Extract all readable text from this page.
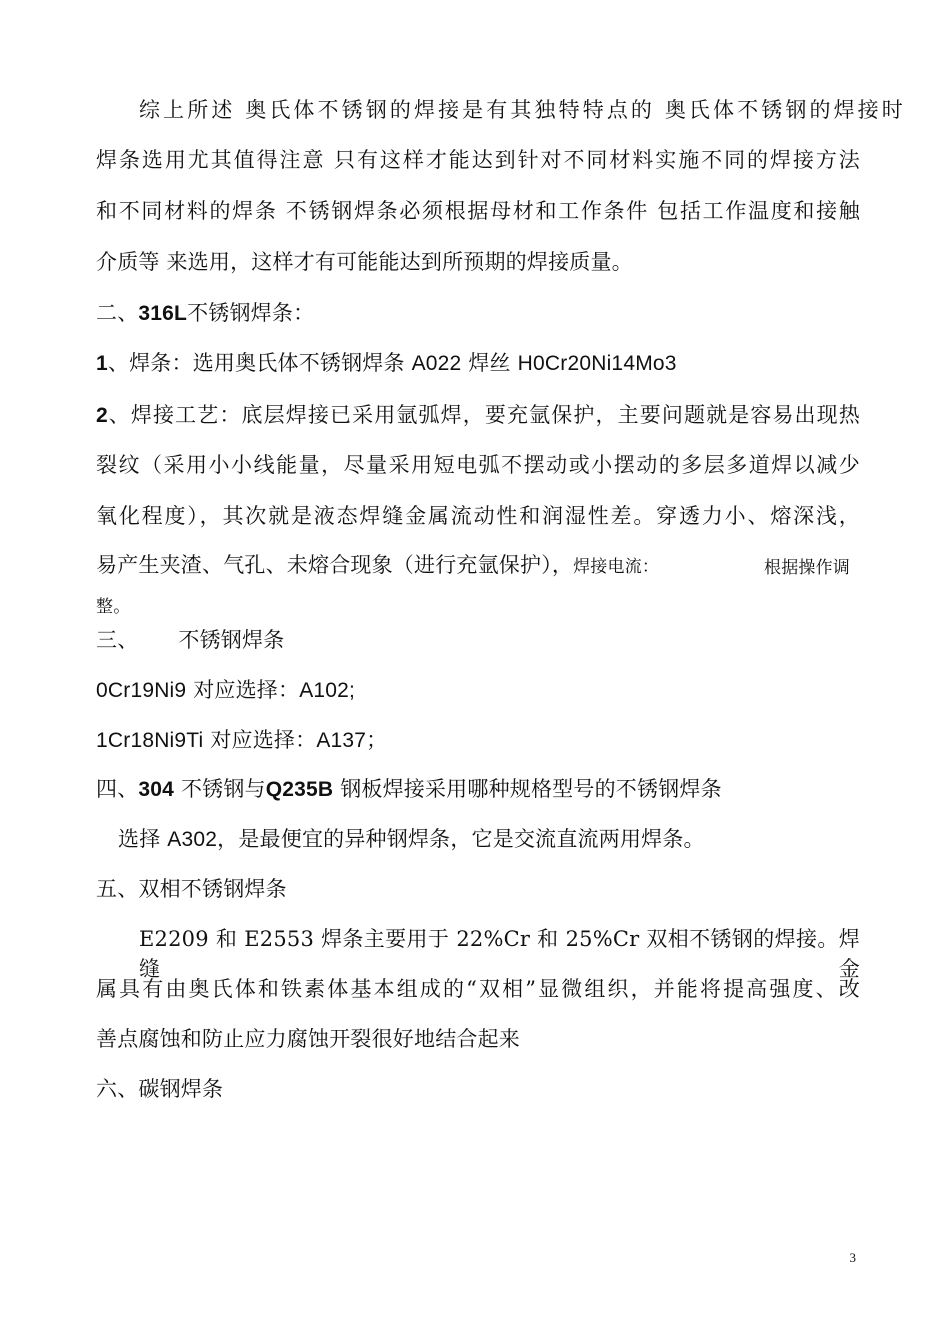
综上所述 奥氏体不锈钢的焊接是有其独特特点的 奥氏体不锈钢的焊接时
焊条选用尤其值得注意 只有这样才能达到针对不同材料实施不同的焊接方法
和不同材料的焊条 不锈钢焊条必须根据母材和工作条件 包括工作温度和接触
介质等 来选用，这样才有可能能达到所预期的焊接质量。
二、316L不锈钢焊条：
1、焊条：选用奥氏体不锈钢焊条 A022 焊丝 H0Cr20Ni14Mo3
2、焊接工艺：底层焊接已采用氩弧焊，要充氩保护，主要问题就是容易出现热
裂纹（采用小小线能量，尽量采用短电弧不摆动或小摆动的多层多道焊以减少
氧化程度），其次就是液态焊缝金属流动性和润湿性差。穿透力小、熔深浅，
易产生夹渣、气孔、未熔合现象（进行充氩保护），焊接电流：	根据操作调
整。
三、 不锈钢焊条
0Cr19Ni9 对应选择：A102;
1Cr18Ni9Ti 对应选择：A137；
四、304 不锈钢与Q235B 钢板焊接采用哪种规格型号的不锈钢焊条
选择 A302，是最便宜的异种钢焊条，它是交流直流两用焊条。
五、双相不锈钢焊条
E2209 和 E2553 焊条主要用于 22%Cr 和 25%Cr 双相不锈钢的焊接。焊缝金
属具有由奥氏体和铁素体基本组成的“双相”显微组织，并能将提高强度、改
善点腐蚀和防止应力腐蚀开裂很好地结合起来
六、碳钢焊条
3
